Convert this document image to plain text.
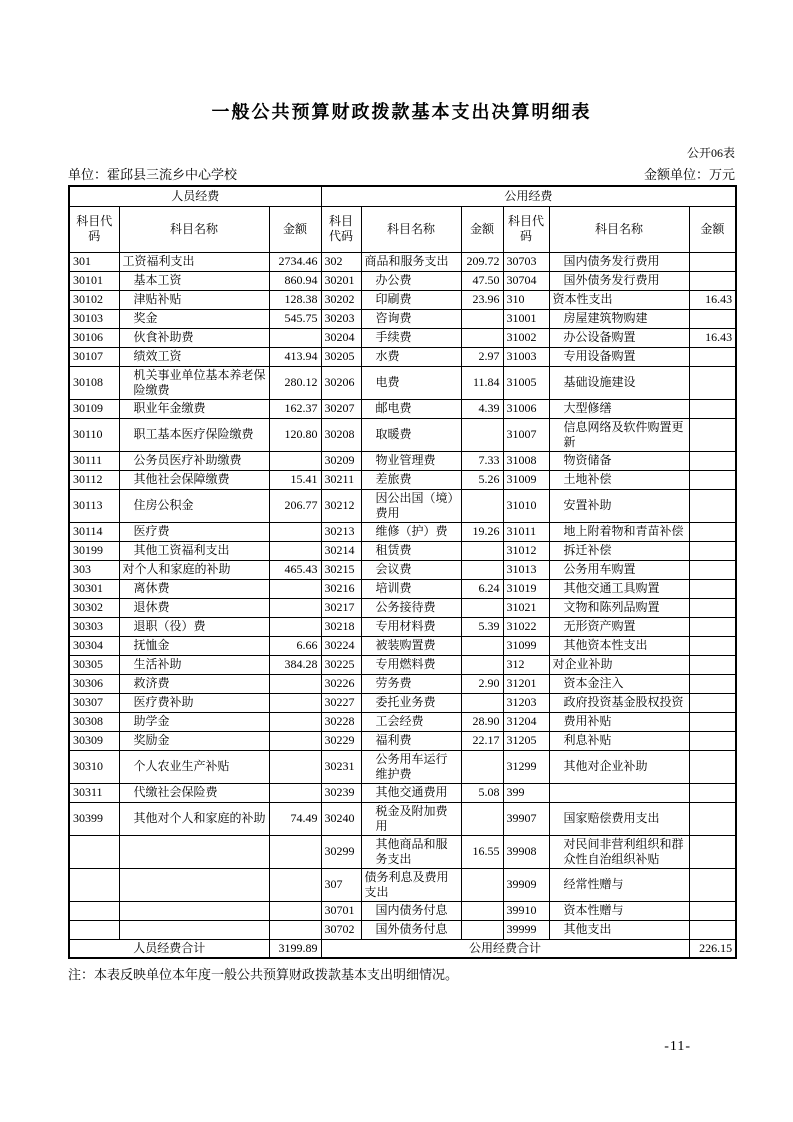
一般公共预算财政拨款基本支出决算明细表
公开06表
单位：霍邱县三流乡中心学校	金额单位：万元
人员经费			公用经费					
科目代码	科目名称	金额	科目代码	科目名称	金额	科目代码	科目名称	金额
301	工资福利支出	2734.46	302	商品和服务支出	209.72	30703	国内债务发行费用	
30101	基本工资	860.94	30201	办公费	47.50	30704	国外债务发行费用	
30102	津贴补贴	128.38	30202	印刷费	23.96	310	资本性支出	16.43
30103	奖金	545.75	30203	咨询费		31001	房屋建筑物购建	
30106	伙食补助费		30204	手续费		31002	办公设备购置	16.43
30107	绩效工资	413.94	30205	水费	2.97	31003	专用设备购置	
30108	机关事业单位基本养老保险缴费	280.12	30206	电费	11.84	31005	基础设施建设	
30109	职业年金缴费	162.37	30207	邮电费	4.39	31006	大型修缮	
30110	职工基本医疗保险缴费	120.80	30208	取暖费		31007	信息网络及软件购置更新	
30111	公务员医疗补助缴费		30209	物业管理费	7.33	31008	物资储备	
30112	其他社会保障缴费	15.41	30211	差旅费	5.26	31009	土地补偿	
30113	住房公积金	206.77	30212	因公出国（境）费用		31010	安置补助	
30114	医疗费		30213	维修（护）费	19.26	31011	地上附着物和青苗补偿	
30199	其他工资福利支出		30214	租赁费		31012	拆迁补偿	
303	对个人和家庭的补助	465.43	30215	会议费		31013	公务用车购置	
30301	离休费		30216	培训费	6.24	31019	其他交通工具购置	
30302	退休费		30217	公务接待费		31021	文物和陈列品购置	
30303	退职（役）费		30218	专用材料费	5.39	31022	无形资产购置	
30304	抚恤金	6.66	30224	被装购置费		31099	其他资本性支出	
30305	生活补助	384.28	30225	专用燃料费		312	对企业补助	
30306	救济费		30226	劳务费	2.90	31201	资本金注入	
30307	医疗费补助		30227	委托业务费		31203	政府投资基金股权投资	
30308	助学金		30228	工会经费	28.90	31204	费用补贴	
30309	奖励金		30229	福利费	22.17	31205	利息补贴	
30310	个人农业生产补贴		30231	公务用车运行维护费		31299	其他对企业补助	
30311	代缴社会保险费		30239	其他交通费用	5.08	399		
30399	其他对个人和家庭的补助	74.49	30240	税金及附加费用		39907	国家赔偿费用支出	
			30299	其他商品和服务支出	16.55	39908	对民间非营利组织和群众性自治组织补贴	
			307	债务利息及费用支出		39909	经常性赠与	
			30701	国内债务付息		39910	资本性赠与	
			30702	国外债务付息		39999	其他支出	
人员经费合计		3199.89	公用经费合计					226.15
注：本表反映单位本年度一般公共预算财政拨款基本支出明细情况。
-11-
